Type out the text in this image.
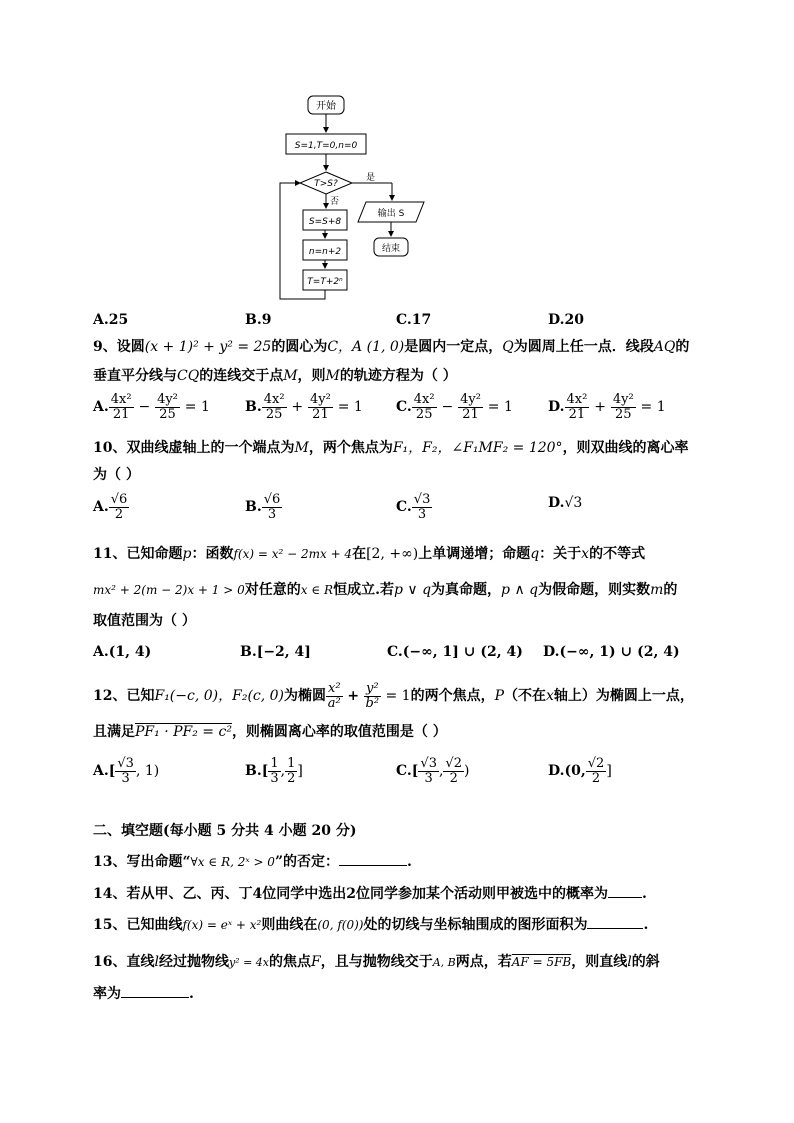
开始
S=1,T=0,n=0
T>S?
是
输出 S
结束
否
S=S+8
n=n+2
T=T+2ⁿ
A.25	B.9	C.17	D.20
9、设圆(x + 1)² + y² = 25的圆心为C，A (1, 0)是圆内一定点，Q为圆周上任一点．线段AQ的
垂直平分线与CQ的连线交于点M，则M的轨迹方程为（ ）
A. $\frac{\text{4x²}}{21} - \frac{\text{4y²}}{25} = 1$	B. $\frac{\text{4x²}}{25} + \frac{\text{4y²}}{21} = 1$ C. $\frac{\text{4x²}}{25} - \frac{\text{4y²}}{21} = 1$	D. $\frac{\text{4x²}}{21} + \frac{\text{4y²}}{25} = 1$
10、双曲线虚轴上的一个端点为M，两个焦点为F₁，F₂，∠F₁MF₂ = 120°，则双曲线的离心率
为（ ）
A. $\frac{√6}{2}$	B. $\frac{√6}{3}$	C. $\frac{√3}{3}$	D.√3
11、已知命题p：函数f(x) = x² − 2mx + 4在[2, +∞)上单调递增；命题q：关于x的不等式
mx² + 2(m − 2)x + 1 > 0对任意的x ∈ R恒成立.若p ∨ q为真命题，p ∧ q为假命题，则实数m的
取值范围为（ ）
A.(1, 4)	B.[−2, 4]	C.(−∞, 1] ∪ (2, 4) D.(−∞, 1) ∪ (2, 4)
12、已知F₁(−c, 0)，F₂(c, 0)为椭圆 $\frac{\text{x²}}{\text{a²}} + \frac{\text{y²}}{\text{b²}} = 1$的两个焦点，P（不在x轴上）为椭圆上一点，
且满足PF₁ · PF₂ = c²，则椭圆离心率的取值范围是（ ）
$A.[ \frac{√3}{3}$ , 1)	$B.[ \frac{1}{3}$ , $\frac{1}{2}$ ]	$C.[ \frac{√3}{3}$ , $\frac{√2}{2}$ )	D.(0, $\frac{√2}{2}$ ]
二、填空题(每小题 5 分共 4 小题 20 分)
13、写出命题“∀x ∈ R, 2ˣ > 0”的否定：	.
14、若从甲、乙、丙、丁4位同学中选出2位同学参加某个活动则甲被选中的概率为 .
15、已知曲线f(x) = eˣ + x²则曲线在(0, f(0))处的切线与坐标轴围成的图形面积为	.
16、直线l经过抛物线y² = 4x的焦点F，且与抛物线交于A, B两点，若AF = 5FB，则直线l的斜
率为	.
